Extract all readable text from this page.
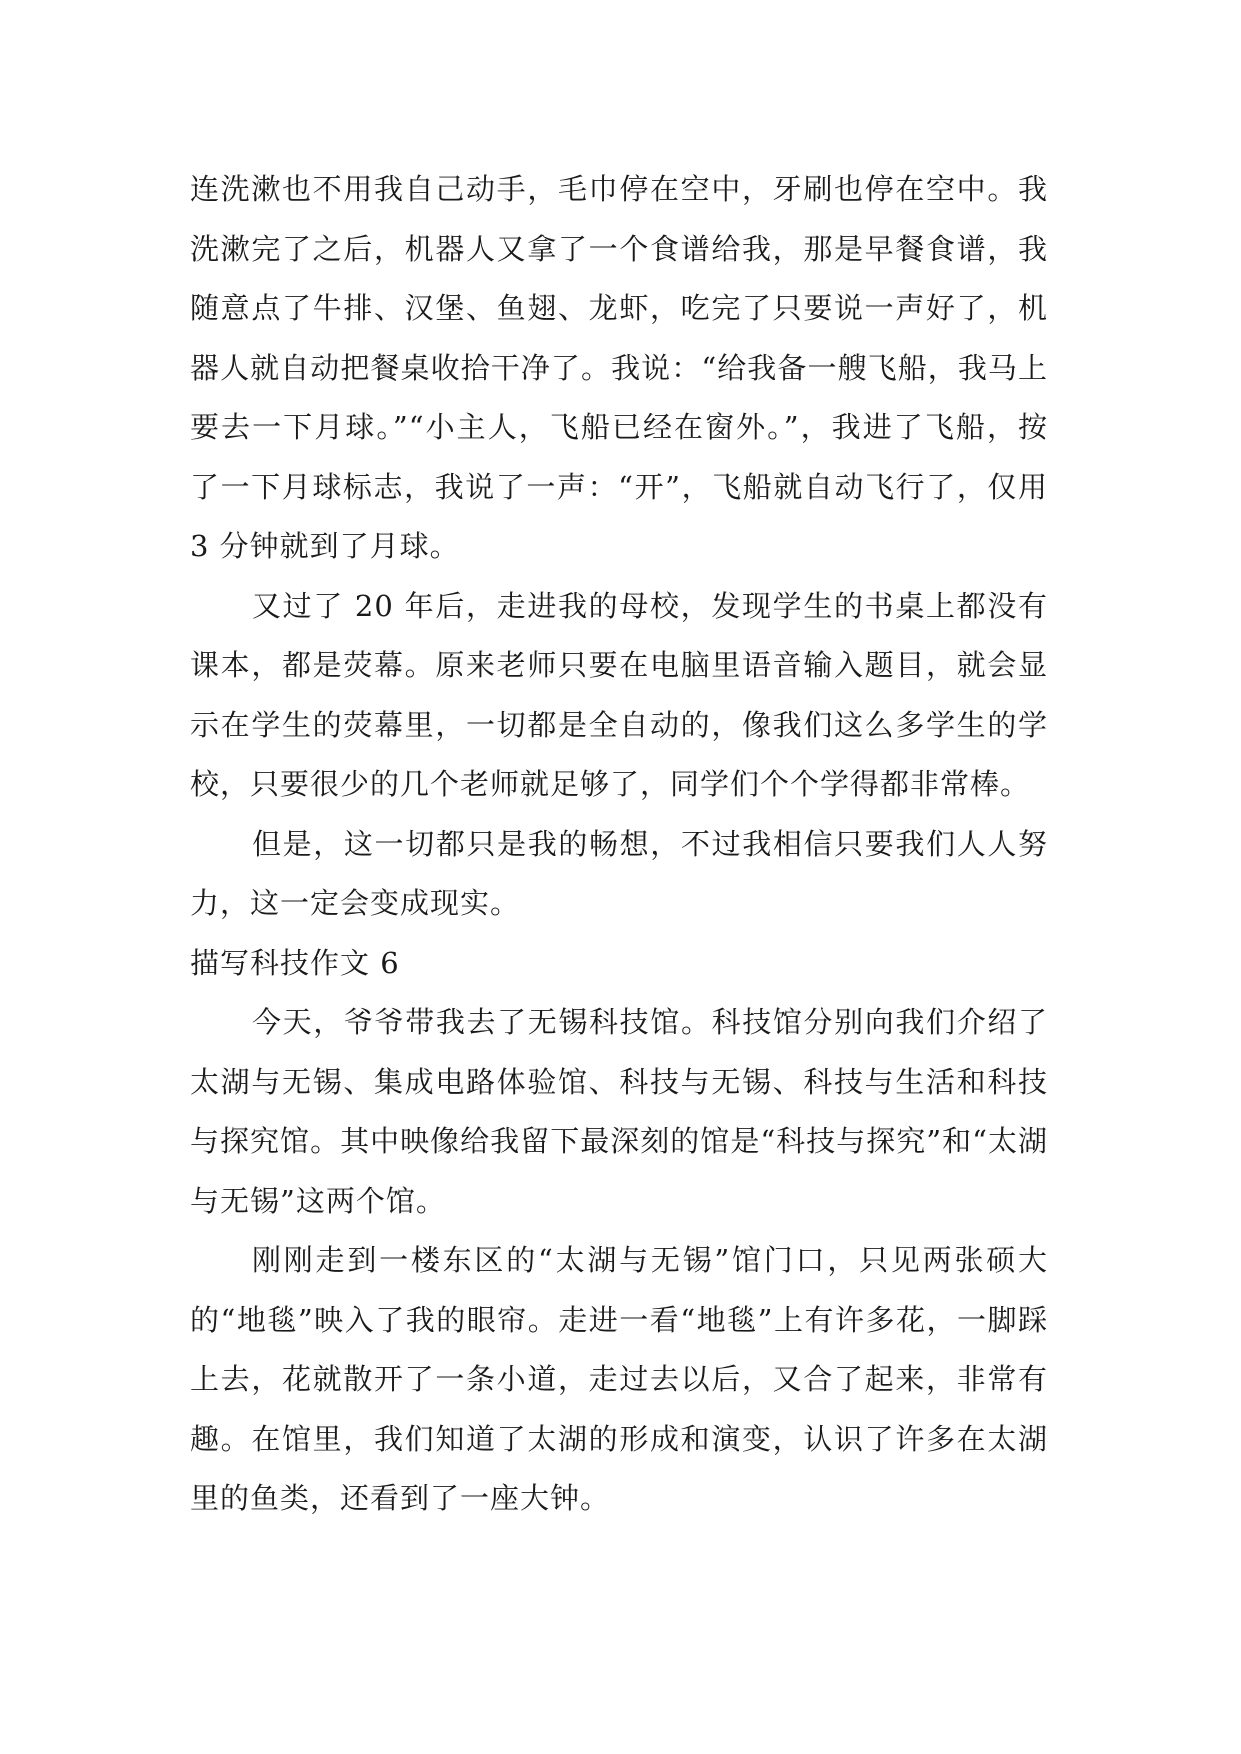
连洗漱也不用我自己动手，毛巾停在空中，牙刷也停在空中。我洗漱完了之后，机器人又拿了一个食谱给我，那是早餐食谱，我随意点了牛排、汉堡、鱼翅、龙虾，吃完了只要说一声好了，机器人就自动把餐桌收拾干净了。我说：“给我备一艘飞船，我马上要去一下月球。”“小主人，飞船已经在窗外。”，我进了飞船，按了一下月球标志，我说了一声：“开”，飞船就自动飞行了，仅用 3 分钟就到了月球。

又过了 20 年后，走进我的母校，发现学生的书桌上都没有课本，都是荧幕。原来老师只要在电脑里语音输入题目，就会显示在学生的荧幕里，一切都是全自动的，像我们这么多学生的学校，只要很少的几个老师就足够了，同学们个个学得都非常棒。

但是，这一切都只是我的畅想，不过我相信只要我们人人努力，这一定会变成现实。

描写科技作文 6

今天，爷爷带我去了无锡科技馆。科技馆分别向我们介绍了太湖与无锡、集成电路体验馆、科技与无锡、科技与生活和科技与探究馆。其中映像给我留下最深刻的馆是“科技与探究”和“太湖与无锡”这两个馆。

刚刚走到一楼东区的“太湖与无锡”馆门口，只见两张硕大的“地毯”映入了我的眼帘。走进一看“地毯”上有许多花，一脚踩上去，花就散开了一条小道，走过去以后，又合了起来，非常有趣。在馆里，我们知道了太湖的形成和演变，认识了许多在太湖里的鱼类，还看到了一座大钟。
